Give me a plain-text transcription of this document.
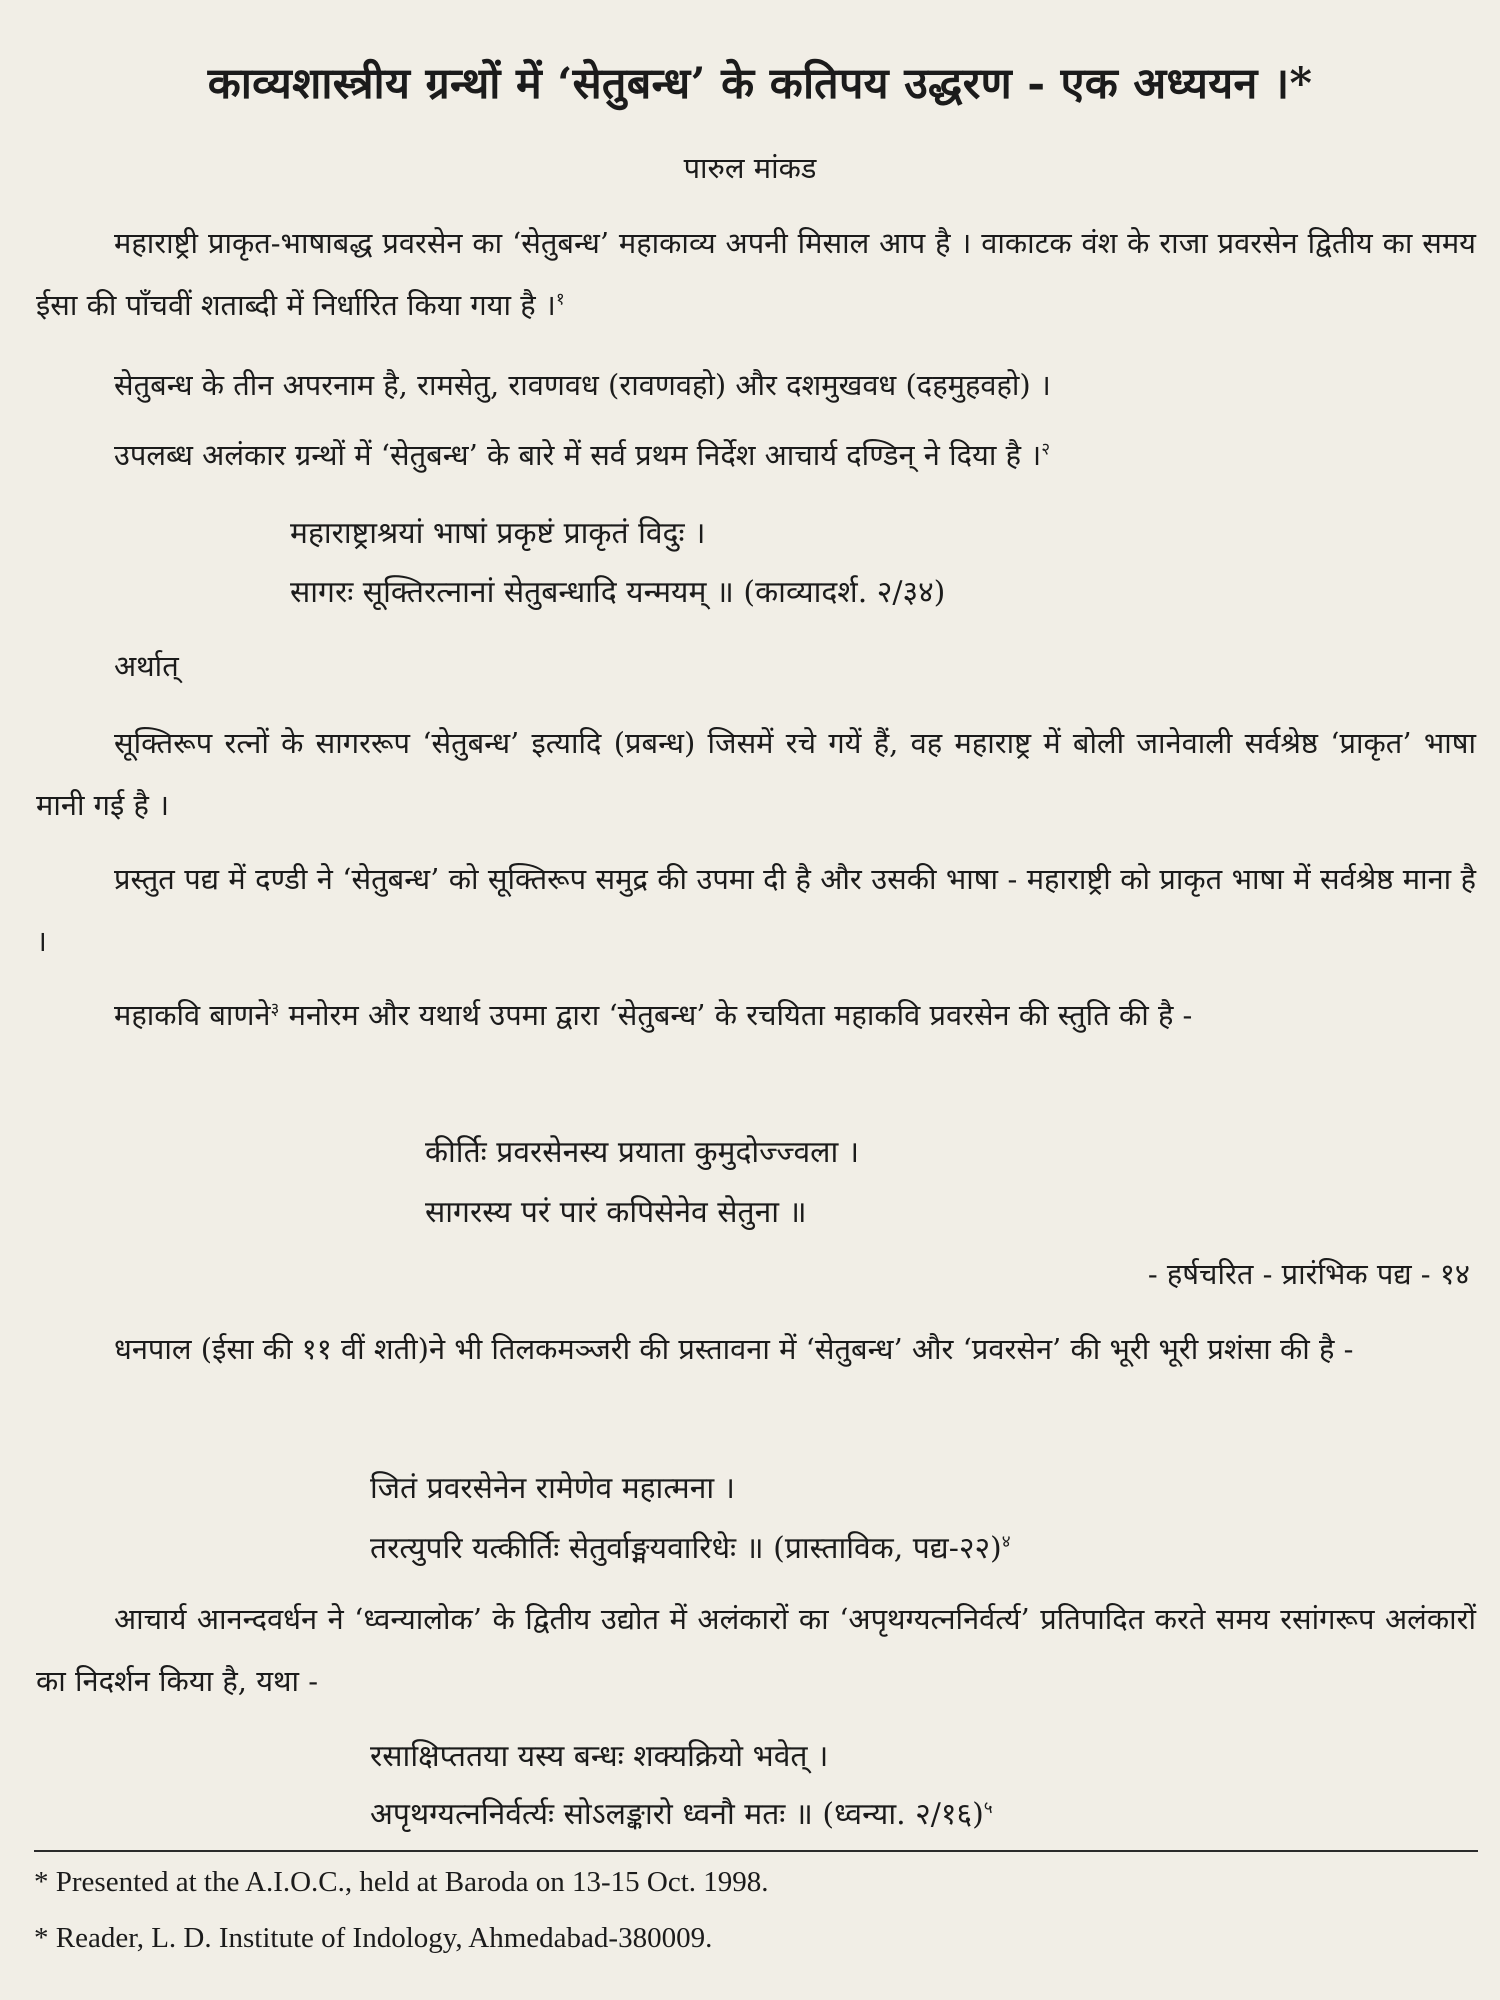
काव्यशास्त्रीय ग्रन्थों में ‘सेतुबन्ध’ के कतिपय उद्धरण - एक अध्ययन ।*
पारुल मांकड
महाराष्ट्री प्राकृत-भाषाबद्ध प्रवरसेन का ‘सेतुबन्ध’ महाकाव्य अपनी मिसाल आप है । वाकाटक वंश के राजा प्रवरसेन द्वितीय का समय ईसा की पाँचवीं शताब्दी में निर्धारित किया गया है ।$^१$
सेतुबन्ध के तीन अपरनाम है, रामसेतु, रावणवध (रावणवहो) और दशमुखवध (दहमुहवहो) ।
उपलब्ध अलंकार ग्रन्थों में ‘सेतुबन्ध’ के बारे में सर्व प्रथम निर्देश आचार्य दण्डिन् ने दिया है ।$^२$
महाराष्ट्राश्रयां भाषां प्रकृष्टं प्राकृतं विदुः ।
सागरः सूक्तिरत्नानां सेतुबन्धादि यन्मयम् ॥ (काव्यादर्श. २/३४)
अर्थात्
सूक्तिरूप रत्नों के सागररूप ‘सेतुबन्ध’ इत्यादि (प्रबन्ध) जिसमें रचे गयें हैं, वह महाराष्ट्र में बोली जानेवाली सर्वश्रेष्ठ ‘प्राकृत’ भाषा मानी गई है ।
प्रस्तुत पद्य में दण्डी ने ‘सेतुबन्ध’ को सूक्तिरूप समुद्र की उपमा दी है और उसकी भाषा - महाराष्ट्री को प्राकृत भाषा में सर्वश्रेष्ठ माना है ।
महाकवि बाणने$^३$ मनोरम और यथार्थ उपमा द्वारा ‘सेतुबन्ध’ के रचयिता महाकवि प्रवरसेन की स्तुति की है -
कीर्तिः प्रवरसेनस्य प्रयाता कुमुदोज्ज्वला ।
सागरस्य परं पारं कपिसेनेव सेतुना ॥
- हर्षचरित - प्रारंभिक पद्य - १४
धनपाल (ईसा की ११ वीं शती)ने भी तिलकमञ्जरी की प्रस्तावना में ‘सेतुबन्ध’ और ‘प्रवरसेन’ की भूरी भूरी प्रशंसा की है -
जितं प्रवरसेनेन रामेणेव महात्मना ।
तरत्युपरि यत्कीर्तिः सेतुर्वाङ्मयवारिधेः ॥ (प्रास्ताविक, पद्य-२२)$^४$
आचार्य आनन्दवर्धन ने ‘ध्वन्यालोक’ के द्वितीय उद्योत में अलंकारों का ‘अपृथग्यत्ननिर्वर्त्य’ प्रतिपादित करते समय रसांगरूप अलंकारों का निदर्शन किया है, यथा -
रसाक्षिप्ततया यस्य बन्धः शक्यक्रियो भवेत् ।
अपृथग्यत्ननिर्वर्त्यः सोऽलङ्कारो ध्वनौ मतः ॥ (ध्वन्या. २/१६)$^५$
* Presented at the A.I.O.C., held at Baroda on 13-15 Oct. 1998.
* Reader, L. D. Institute of Indology, Ahmedabad-380009.
